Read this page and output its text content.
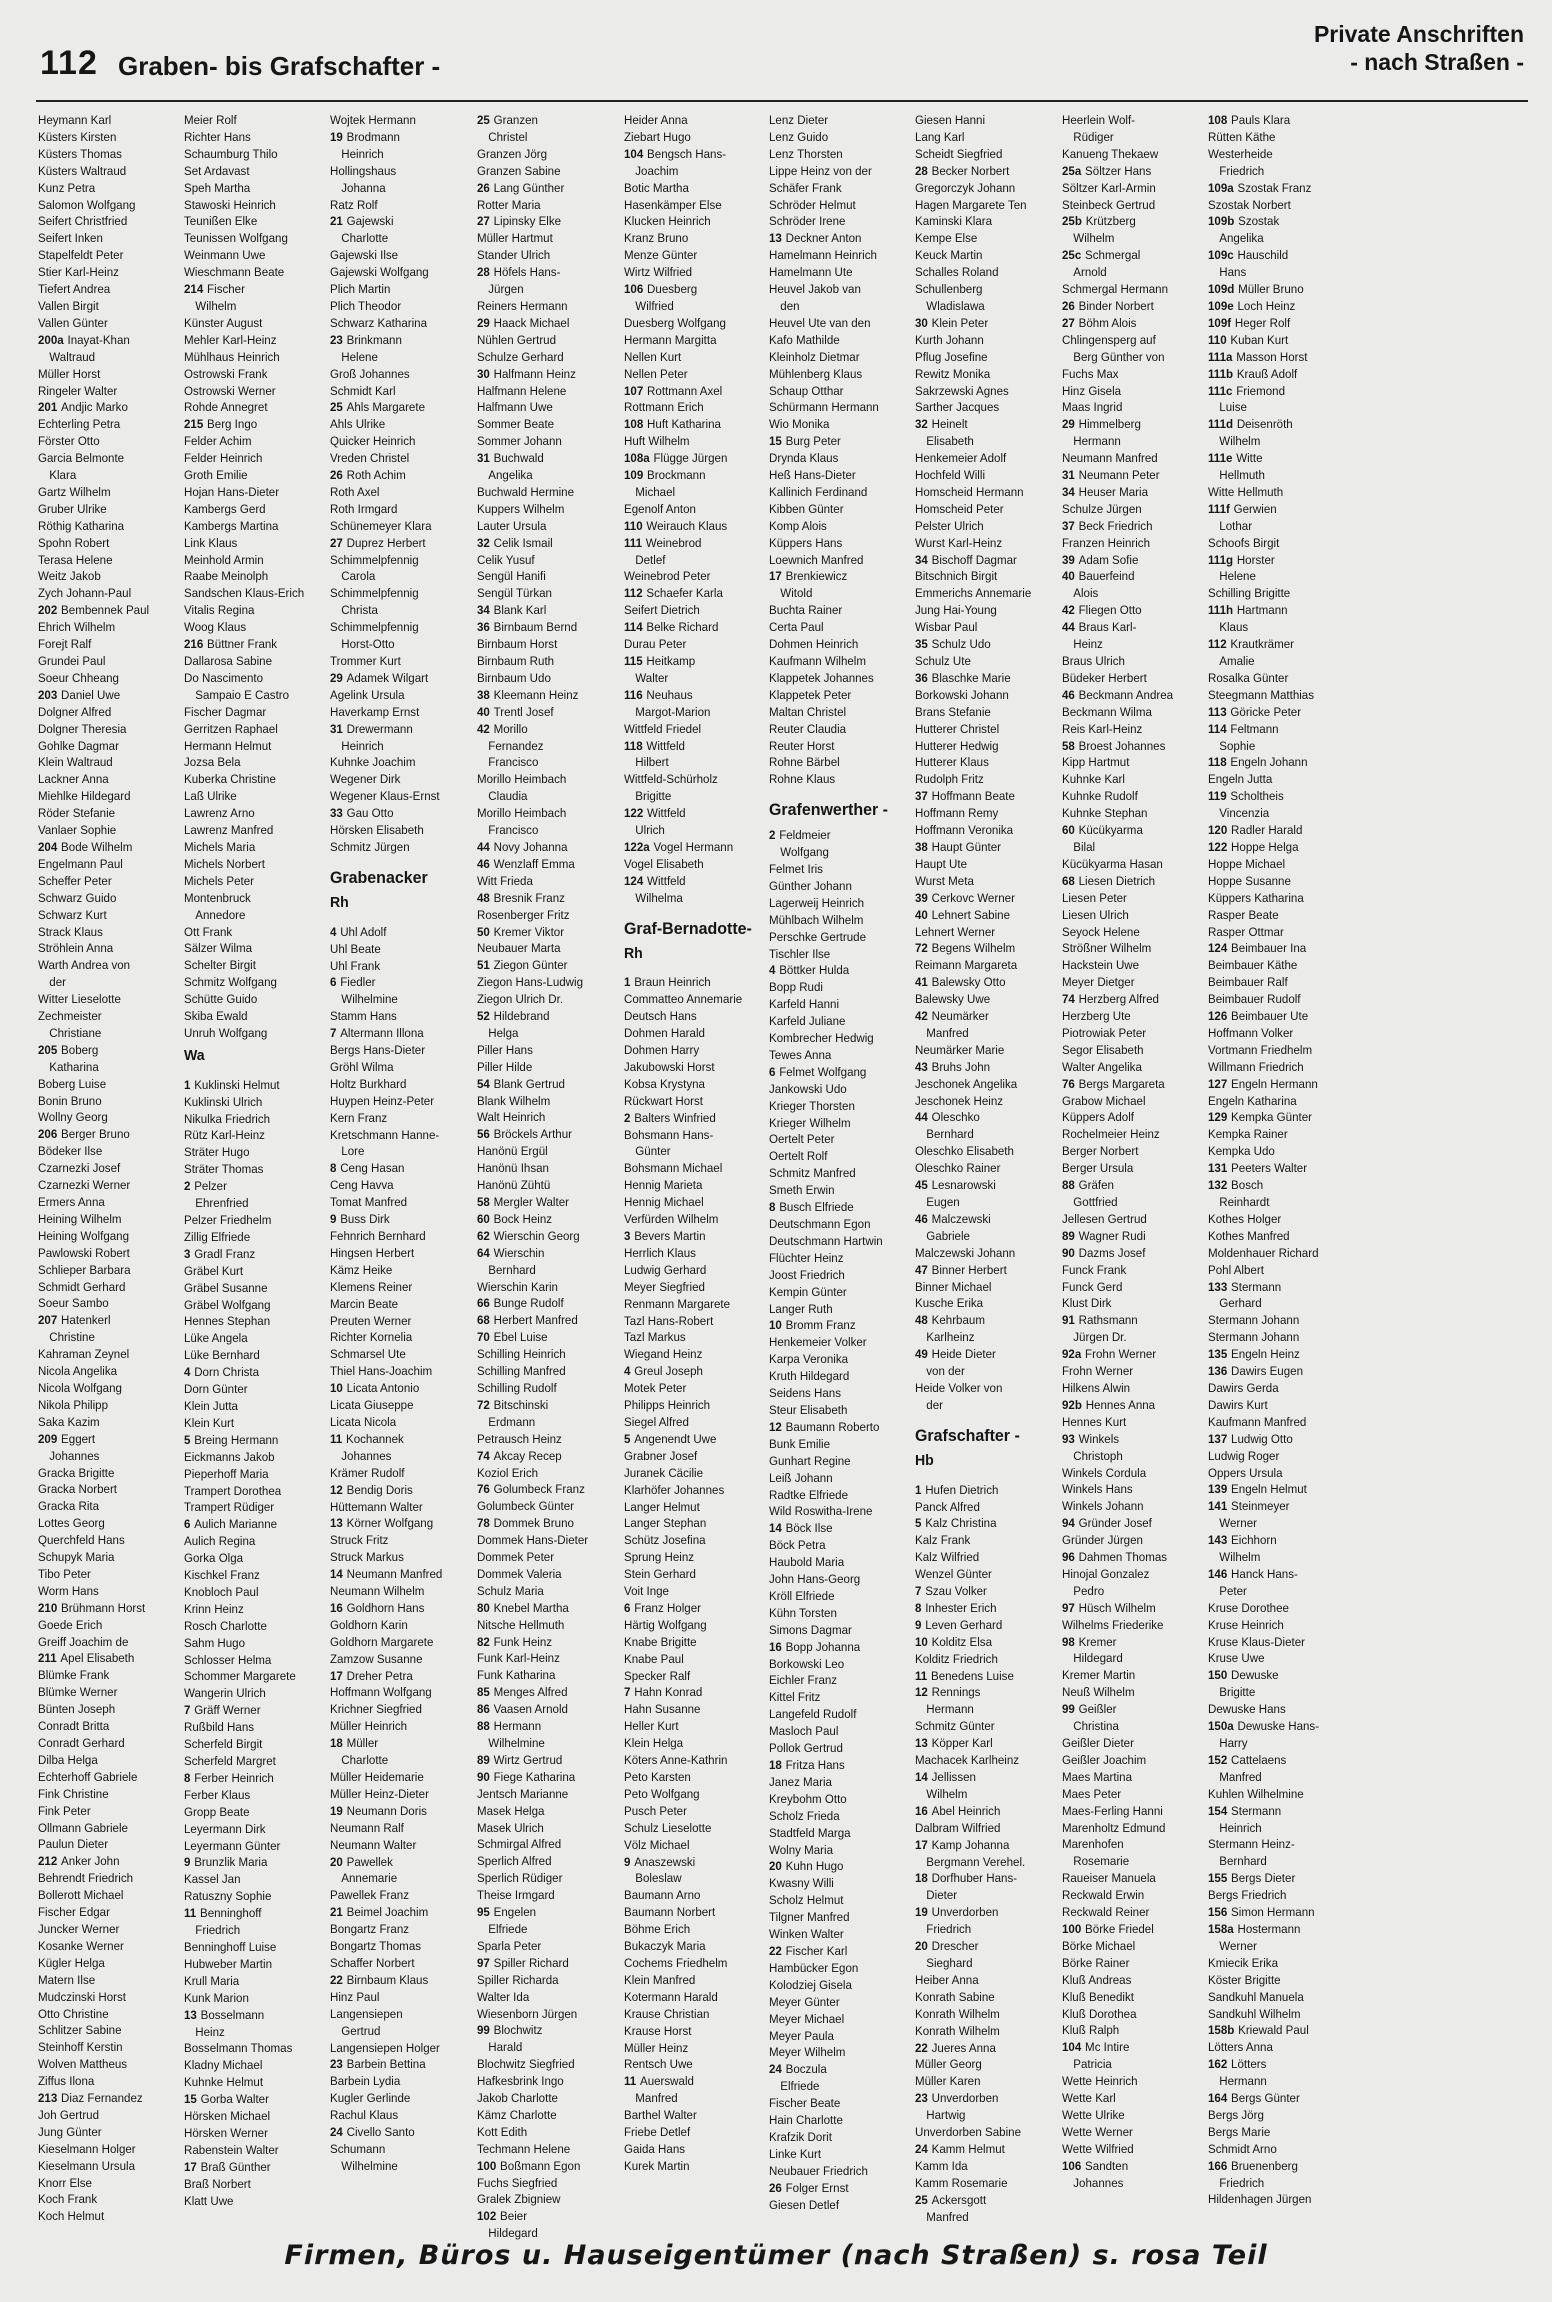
112 Graben- bis Grafschafter -
Private Anschriften
- nach Straßen -
Heymann Karl
Küsters Kirsten
Küsters Thomas
Küsters Waltraud
Kunz Petra
Salomon Wolfgang
Seifert Christfried
Seifert Inken
Stapelfeldt Peter
Stier Karl-Heinz
Tiefert Andrea
Vallen Birgit
Vallen Günter
200a Inayat-Khan
Waltraud
Müller Horst
Ringeler Walter
201 Andjic Marko
Echterling Petra
Förster Otto
Garcia Belmonte
Klara
Gartz Wilhelm
Gruber Ulrike
Röthig Katharina
Spohn Robert
Terasa Helene
Weitz Jakob
Zych Johann-Paul
202 Bembennek Paul
Ehrich Wilhelm
Forejt Ralf
Grundei Paul
Soeur Chheang
203 Daniel Uwe
Dolgner Alfred
Dolgner Theresia
Gohlke Dagmar
Klein Waltraud
Lackner Anna
Miehlke Hildegard
Röder Stefanie
Vanlaer Sophie
204 Bode Wilhelm
Engelmann Paul
Scheffer Peter
Schwarz Guido
Schwarz Kurt
Strack Klaus
Ströhlein Anna
Warth Andrea von
der
Witter Lieselotte
Zechmeister
Christiane
205 Boberg
Katharina
Boberg Luise
Bonin Bruno
Wollny Georg
206 Berger Bruno
Bödeker Ilse
Czarnezki Josef
Czarnezki Werner
Ermers Anna
Heining Wilhelm
Heining Wolfgang
Pawlowski Robert
Schlieper Barbara
Schmidt Gerhard
Soeur Sambo
207 Hatenkerl
Christine
Kahraman Zeynel
Nicola Angelika
Nicola Wolfgang
Nikola Philipp
Saka Kazim
209 Eggert
Johannes
Gracka Brigitte
Gracka Norbert
Gracka Rita
Lottes Georg
Querchfeld Hans
Schupyk Maria
Tibo Peter
Worm Hans
210 Brühmann Horst
Goede Erich
Greiff Joachim de
211 Apel Elisabeth
Blümke Frank
Blümke Werner
Bünten Joseph
Conradt Britta
Conradt Gerhard
Dilba Helga
Echterhoff Gabriele
Fink Christine
Fink Peter
Ollmann Gabriele
Paulun Dieter
212 Anker John
Behrendt Friedrich
Bollerott Michael
Fischer Edgar
Juncker Werner
Kosanke Werner
Kügler Helga
Matern Ilse
Mudczinski Horst
Otto Christine
Schlitzer Sabine
Steinhoff Kerstin
Wolven Mattheus
Ziffus Ilona
213 Diaz Fernandez
Joh Gertrud
Jung Günter
Kieselmann Holger
Kieselmann Ursula
Knorr Else
Koch Frank
Koch Helmut
Meier Rolf
Richter Hans
Schaumburg Thilo
Set Ardavast
Speh Martha
Stawoski Heinrich
Teunißen Elke
Teunissen Wolfgang
Weinmann Uwe
Wieschmann Beate
214 Fischer
Wilhelm
Künster August
Mehler Karl-Heinz
Mühlhaus Heinrich
Ostrowski Frank
Ostrowski Werner
Rohde Annegret
215 Berg Ingo
Felder Achim
Felder Heinrich
Groth Emilie
Hojan Hans-Dieter
Kambergs Gerd
Kambergs Martina
Link Klaus
Meinhold Armin
Raabe Meinolph
Sandschen Klaus-Erich
Vitalis Regina
Woog Klaus
216 Büttner Frank
Dallarosa Sabine
Do Nascimento
Sampaio E Castro
Fischer Dagmar
Gerritzen Raphael
Hermann Helmut
Jozsa Bela
Kuberka Christine
Laß Ulrike
Lawrenz Arno
Lawrenz Manfred
Michels Maria
Michels Norbert
Michels Peter
Montenbruck
Annedore
Ott Frank
Sälzer Wilma
Schelter Birgit
Schmitz Wolfgang
Schütte Guido
Skiba Ewald
Unruh Wolfgang
Wa
1 Kuklinski Helmut
Kuklinski Ulrich
Nikulka Friedrich
Rütz Karl-Heinz
Sträter Hugo
Sträter Thomas
2 Pelzer
Ehrenfried
Pelzer Friedhelm
Zillig Elfriede
3 Gradl Franz
Gräbel Kurt
Gräbel Susanne
Gräbel Wolfgang
Hennes Stephan
Lüke Angela
Lüke Bernhard
4 Dorn Christa
Dorn Günter
Klein Jutta
Klein Kurt
5 Breing Hermann
Eickmanns Jakob
Pieperhoff Maria
Trampert Dorothea
Trampert Rüdiger
6 Aulich Marianne
Aulich Regina
Gorka Olga
Kischkel Franz
Knobloch Paul
Krinn Heinz
Rosch Charlotte
Sahm Hugo
Schlosser Helma
Schommer Margarete
Wangerin Ulrich
7 Gräff Werner
Rußbild Hans
Scherfeld Birgit
Scherfeld Margret
8 Ferber Heinrich
Ferber Klaus
Gropp Beate
Leyermann Dirk
Leyermann Günter
9 Brunzlik Maria
Kassel Jan
Ratuszny Sophie
11 Benninghoff
Friedrich
Benninghoff Luise
Hubweber Martin
Krull Maria
Kunk Marion
13 Bosselmann
Heinz
Bosselmann Thomas
Kladny Michael
Kuhnke Helmut
15 Gorba Walter
Hörsken Michael
Hörsken Werner
Rabenstein Walter
17 Braß Günther
Braß Norbert
Klatt Uwe
Wojtek Hermann
19 Brodmann
Heinrich
Hollingshaus
Johanna
Ratz Rolf
21 Gajewski
Charlotte
Gajewski Ilse
Gajewski Wolfgang
Plich Martin
Plich Theodor
Schwarz Katharina
23 Brinkmann
Helene
Groß Johannes
Schmidt Karl
25 Ahls Margarete
Ahls Ulrike
Quicker Heinrich
Vreden Christel
26 Roth Achim
Roth Axel
Roth Irmgard
Schünemeyer Klara
27 Duprez Herbert
Schimmelpfennig
Carola
Schimmelpfennig
Christa
Schimmelpfennig
Horst-Otto
Trommer Kurt
29 Adamek Wilgart
Agelink Ursula
Haverkamp Ernst
31 Drewermann
Heinrich
Kuhnke Joachim
Wegener Dirk
Wegener Klaus-Ernst
33 Gau Otto
Hörsken Elisabeth
Schmitz Jürgen
Grabenacker
Rh
4 Uhl Adolf
Uhl Beate
Uhl Frank
6 Fiedler
Wilhelmine
Stamm Hans
7 Altermann Illona
Bergs Hans-Dieter
Gröhl Wilma
Holtz Burkhard
Huypen Heinz-Peter
Kern Franz
Kretschmann Hanne-
Lore
8 Ceng Hasan
Ceng Havva
Tomat Manfred
9 Buss Dirk
Fehnrich Bernhard
Hingsen Herbert
Kämz Heike
Klemens Reiner
Marcin Beate
Preuten Werner
Richter Kornelia
Schmarsel Ute
Thiel Hans-Joachim
10 Licata Antonio
Licata Giuseppe
Licata Nicola
11 Kochannek
Johannes
Krämer Rudolf
12 Bendig Doris
Hüttemann Walter
13 Körner Wolfgang
Struck Fritz
Struck Markus
14 Neumann Manfred
Neumann Wilhelm
16 Goldhorn Hans
Goldhorn Karin
Goldhorn Margarete
Zamzow Susanne
17 Dreher Petra
Hoffmann Wolfgang
Krichner Siegfried
Müller Heinrich
18 Müller
Charlotte
Müller Heidemarie
Müller Heinz-Dieter
19 Neumann Doris
Neumann Ralf
Neumann Walter
20 Pawellek
Annemarie
Pawellek Franz
21 Beimel Joachim
Bongartz Franz
Bongartz Thomas
Schaffer Norbert
22 Birnbaum Klaus
Hinz Paul
Langensiepen
Gertrud
Langensiepen Holger
23 Barbein Bettina
Barbein Lydia
Kugler Gerlinde
Rachul Klaus
24 Civello Santo
Schumann
Wilhelmine
25 Granzen
Christel
Granzen Jörg
Granzen Sabine
26 Lang Günther
Rotter Maria
27 Lipinsky Elke
Müller Hartmut
Stander Ulrich
28 Höfels Hans-
Jürgen
Reiners Hermann
29 Haack Michael
Nühlen Gertrud
Schulze Gerhard
30 Halfmann Heinz
Halfmann Helene
Halfmann Uwe
Sommer Beate
Sommer Johann
31 Buchwald
Angelika
Buchwald Hermine
Kuppers Wilhelm
Lauter Ursula
32 Celik Ismail
Celik Yusuf
Sengül Hanifi
Sengül Türkan
34 Blank Karl
36 Birnbaum Bernd
Birnbaum Horst
Birnbaum Ruth
Birnbaum Udo
38 Kleemann Heinz
40 Trentl Josef
42 Morillo
Fernandez
Francisco
Morillo Heimbach
Claudia
Morillo Heimbach
Francisco
44 Novy Johanna
46 Wenzlaff Emma
Witt Frieda
48 Bresnik Franz
Rosenberger Fritz
50 Kremer Viktor
Neubauer Marta
51 Ziegon Günter
Ziegon Hans-Ludwig
Ziegon Ulrich Dr.
52 Hildebrand
Helga
Piller Hans
Piller Hilde
54 Blank Gertrud
Blank Wilhelm
Walt Heinrich
56 Bröckels Arthur
Hanönü Ergül
Hanönü Ihsan
Hanönü Zühtü
58 Mergler Walter
60 Bock Heinz
62 Wierschin Georg
64 Wierschin
Bernhard
Wierschin Karin
66 Bunge Rudolf
68 Herbert Manfred
70 Ebel Luise
Schilling Heinrich
Schilling Manfred
Schilling Rudolf
72 Bitschinski
Erdmann
Petrausch Heinz
74 Akcay Recep
Koziol Erich
76 Golumbeck Franz
Golumbeck Günter
78 Dommek Bruno
Dommek Hans-Dieter
Dommek Peter
Dommek Valeria
Schulz Maria
80 Knebel Martha
Nitsche Hellmuth
82 Funk Heinz
Funk Karl-Heinz
Funk Katharina
85 Menges Alfred
86 Vaasen Arnold
88 Hermann
Wilhelmine
89 Wirtz Gertrud
90 Fiege Katharina
Jentsch Marianne
Masek Helga
Masek Ulrich
Schmirgal Alfred
Sperlich Alfred
Sperlich Rüdiger
Theise Irmgard
95 Engelen
Elfriede
Sparla Peter
97 Spiller Richard
Spiller Richarda
Walter Ida
Wiesenborn Jürgen
99 Blochwitz
Harald
Blochwitz Siegfried
Hafkesbrink Ingo
Jakob Charlotte
Kämz Charlotte
Kott Edith
Techmann Helene
100 Boßmann Egon
Fuchs Siegfried
Gralek Zbigniew
102 Beier
Hildegard
Heider Anna
Ziebart Hugo
104 Bengsch Hans-
Joachim
Botic Martha
Hasenkämper Else
Klucken Heinrich
Kranz Bruno
Menze Günter
Wirtz Wilfried
106 Duesberg
Wilfried
Duesberg Wolfgang
Hermann Margitta
Nellen Kurt
Nellen Peter
107 Rottmann Axel
Rottmann Erich
108 Huft Katharina
Huft Wilhelm
108a Flügge Jürgen
109 Brockmann
Michael
Egenolf Anton
110 Weirauch Klaus
111 Weinebrod
Detlef
Weinebrod Peter
112 Schaefer Karla
Seifert Dietrich
114 Belke Richard
Durau Peter
115 Heitkamp
Walter
116 Neuhaus
Margot-Marion
Wittfeld Friedel
118 Wittfeld
Hilbert
Wittfeld-Schürholz
Brigitte
122 Wittfeld
Ulrich
122a Vogel Hermann
Vogel Elisabeth
124 Wittfeld
Wilhelma
Graf-Bernadotte-
Rh
1 Braun Heinrich
Commatteo Annemarie
Deutsch Hans
Dohmen Harald
Dohmen Harry
Jakubowski Horst
Kobsa Krystyna
Rückwart Horst
2 Balters Winfried
Bohsmann Hans-
Günter
Bohsmann Michael
Hennig Marieta
Hennig Michael
Verfürden Wilhelm
3 Bevers Martin
Herrlich Klaus
Ludwig Gerhard
Meyer Siegfried
Renmann Margarete
Tazl Hans-Robert
Tazl Markus
Wiegand Heinz
4 Greul Joseph
Motek Peter
Philipps Heinrich
Siegel Alfred
5 Angenendt Uwe
Grabner Josef
Juranek Cäcilie
Klarhöfer Johannes
Langer Helmut
Langer Stephan
Schütz Josefina
Sprung Heinz
Stein Gerhard
Voit Inge
6 Franz Holger
Härtig Wolfgang
Knabe Brigitte
Knabe Paul
Specker Ralf
7 Hahn Konrad
Hahn Susanne
Heller Kurt
Klein Helga
Köters Anne-Kathrin
Peto Karsten
Peto Wolfgang
Pusch Peter
Schulz Lieselotte
Völz Michael
9 Anaszewski
Boleslaw
Baumann Arno
Baumann Norbert
Böhme Erich
Bukaczyk Maria
Cochems Friedhelm
Klein Manfred
Kotermann Harald
Krause Christian
Krause Horst
Müller Heinz
Rentsch Uwe
11 Auerswald
Manfred
Barthel Walter
Friebe Detlef
Gaida Hans
Kurek Martin
Lenz Dieter
Lenz Guido
Lenz Thorsten
Lippe Heinz von der
Schäfer Frank
Schröder Helmut
Schröder Irene
13 Deckner Anton
Hamelmann Heinrich
Hamelmann Ute
Heuvel Jakob van
den
Heuvel Ute van den
Kafo Mathilde
Kleinholz Dietmar
Mühlenberg Klaus
Schaup Otthar
Schürmann Hermann
Wio Monika
15 Burg Peter
Dryndа Klaus
Heß Hans-Dieter
Kallinich Ferdinand
Kibben Günter
Komp Alois
Küppers Hans
Loewnich Manfred
17 Brenkiewicz
Witold
Buchta Rainer
Certa Paul
Dohmen Heinrich
Kaufmann Wilhelm
Klappetek Johannes
Klappetek Peter
Maltan Christel
Reuter Claudia
Reuter Horst
Rohne Bärbel
Rohne Klaus
Grafenwerther -
2 Feldmeier
Wolfgang
Felmet Iris
Günther Johann
Lagerweij Heinrich
Mühlbach Wilhelm
Perschke Gertrude
Tischler Ilse
4 Böttker Hulda
Bopp Rudi
Karfeld Hanni
Karfeld Juliane
Kombrecher Hedwig
Tewes Anna
6 Felmet Wolfgang
Jankowski Udo
Krieger Thorsten
Krieger Wilhelm
Oertelt Peter
Oertelt Rolf
Schmitz Manfred
Smeth Erwin
8 Busch Elfriede
Deutschmann Egon
Deutschmann Hartwin
Flüchter Heinz
Joost Friedrich
Kempin Günter
Langer Ruth
10 Bromm Franz
Henkemeier Volker
Karpa Veronika
Kruth Hildegard
Seidens Hans
Steur Elisabeth
12 Baumann Roberto
Bunk Emilie
Gunhart Regine
Leiß Johann
Radtke Elfriede
Wild Roswitha-Irene
14 Böck Ilse
Böck Petra
Haubold Maria
John Hans-Georg
Kröll Elfriede
Kühn Torsten
Simons Dagmar
16 Bopp Johanna
Borkowski Leo
Eichler Franz
Kittel Fritz
Langefeld Rudolf
Masloch Paul
Pollok Gertrud
18 Fritza Hans
Janez Maria
Kreybohm Otto
Scholz Frieda
Stadtfeld Marga
Wolny Maria
20 Kuhn Hugo
Kwasny Willi
Scholz Helmut
Tilgner Manfred
Winken Walter
22 Fischer Karl
Hambücker Egon
Kolodziej Gisela
Meyer Günter
Meyer Michael
Meyer Paula
Meyer Wilhelm
24 Boczula
Elfriede
Fischer Beate
Hain Charlotte
Krafzik Dorit
Linke Kurt
Neubauer Friedrich
26 Folger Ernst
Giesen Detlef
Giesen Hanni
Lang Karl
Scheidt Siegfried
28 Becker Norbert
Gregorczyk Johann
Hagen Margarete Ten
Kaminski Klara
Kempe Else
Keuck Martin
Schalles Roland
Schullenberg
Wladislawa
30 Klein Peter
Kurth Johann
Pflug Josefine
Rewitz Monika
Sakrzewski Agnes
Sarther Jacques
32 Heinelt
Elisabeth
Henkemeier Adolf
Hochfeld Willi
Homscheid Hermann
Homscheid Peter
Pelster Ulrich
Wurst Karl-Heinz
34 Bischoff Dagmar
Bitschnich Birgit
Emmerichs Annemarie
Jung Hai-Young
Wisbar Paul
35 Schulz Udo
Schulz Ute
36 Blaschke Marie
Borkowski Johann
Brans Stefanie
Hutterer Christel
Hutterer Hedwig
Hutterer Klaus
Rudolph Fritz
37 Hoffmann Beate
Hoffmann Remy
Hoffmann Veronika
38 Haupt Günter
Haupt Ute
Wurst Meta
39 Cerkovc Werner
40 Lehnert Sabine
Lehnert Werner
72 Begens Wilhelm
Reimann Margareta
41 Balewsky Otto
Balewsky Uwe
42 Neumärker
Manfred
Neumärker Marie
43 Bruhs John
Jeschonek Angelika
Jeschonek Heinz
44 Oleschko
Bernhard
Oleschko Elisabeth
Oleschko Rainer
45 Lesnarowski
Eugen
46 Malczewski
Gabriele
Malczewski Johann
47 Binner Herbert
Binner Michael
Kusche Erika
48 Kehrbaum
Karlheinz
49 Heide Dieter
von der
Heide Volker von
der
Grafschafter -
Hb
1 Hufen Dietrich
Panck Alfred
5 Kalz Christina
Kalz Frank
Kalz Wilfried
Wenzel Günter
7 Szau Volker
8 Inhester Erich
9 Leven Gerhard
10 Kolditz Elsa
Kolditz Friedrich
11 Benedens Luise
12 Rennings
Hermann
Schmitz Günter
13 Köpper Karl
Machacek Karlheinz
14 Jellissen
Wilhelm
16 Abel Heinrich
Dalbram Wilfried
17 Kamp Johanna
Bergmann Verehel.
18 Dorfhuber Hans-
Dieter
19 Unverdorben
Friedrich
20 Drescher
Sieghard
Heiber Anna
Konrath Sabine
Konrath Wilhelm
Konrath Wilhelm
22 Jueres Anna
Müller Georg
Müller Karen
23 Unverdorben
Hartwig
Unverdorben Sabine
24 Kamm Helmut
Kamm Ida
Kamm Rosemarie
25 Ackersgott
Manfred
Heerlein Wolf-
Rüdiger
Kanueng Thekaew
25a Söltzer Hans
Söltzer Karl-Armin
Steinbeck Gertrud
25b Krützberg
Wilhelm
25c Schmergal
Arnold
Schmergal Hermann
26 Binder Norbert
27 Böhm Alois
Chlingensperg auf
Berg Günther von
Fuchs Max
Hinz Gisela
Maas Ingrid
29 Himmelberg
Hermann
Neumann Manfred
31 Neumann Peter
34 Heuser Maria
Schulze Jürgen
37 Beck Friedrich
Franzen Heinrich
39 Adam Sofie
40 Bauerfeind
Alois
42 Fliegen Otto
44 Braus Karl-
Heinz
Braus Ulrich
Büdeker Herbert
46 Beckmann Andrea
Beckmann Wilma
Reis Karl-Heinz
58 Broest Johannes
Kipp Hartmut
Kuhnke Karl
Kuhnke Rudolf
Kuhnke Stephan
60 Kücükyarma
Bilal
Kücükyarma Hasan
68 Liesen Dietrich
Liesen Peter
Liesen Ulrich
Seyock Helene
Strößner Wilhelm
Hackstein Uwe
Meyer Dietger
74 Herzberg Alfred
Herzberg Ute
Piotrowiak Peter
Segor Elisabeth
Walter Angelika
76 Bergs Margareta
Grabow Michael
Küppers Adolf
Rochelmeier Heinz
Berger Norbert
Berger Ursula
88 Gräfen
Gottfried
Jellesen Gertrud
89 Wagner Rudi
90 Dazms Josef
Funck Frank
Funck Gerd
Klust Dirk
91 Rathsmann
Jürgen Dr.
92a Frohn Werner
Frohn Werner
Hilkens Alwin
92b Hennes Anna
Hennes Kurt
93 Winkels
Christoph
Winkels Cordula
Winkels Hans
Winkels Johann
94 Gründer Josef
Gründer Jürgen
96 Dahmen Thomas
Hinojal Gonzalez
Pedro
97 Hüsch Wilhelm
Wilhelms Friederike
98 Kremer
Hildegard
Kremer Martin
Neuß Wilhelm
99 Geißler
Christina
Geißler Dieter
Geißler Joachim
Maes Martina
Maes Peter
Maes-Ferling Hanni
Marenholtz Edmund
Marenhofen
Rosemarie
Raueiser Manuela
Reckwald Erwin
Reckwald Reiner
100 Börke Friedel
Börke Michael
Börke Rainer
Kluß Andreas
Kluß Benedikt
Kluß Dorothea
Kluß Ralph
104 Mc Intire
Patricia
Wette Heinrich
Wette Karl
Wette Ulrike
Wette Werner
Wette Wilfried
106 Sandten
Johannes
108 Pauls Klara
Rütten Käthe
Westerheide
Friedrich
109a Szostak Franz
Szostak Norbert
109b Szostak
Angelika
109c Hauschild
Hans
109d Müller Bruno
109e Loch Heinz
109f Heger Rolf
110 Kuban Kurt
111a Masson Horst
111b Krauß Adolf
111c Friemond
Luise
111d Deisenröth
Wilhelm
111e Witte
Hellmuth
Witte Hellmuth
111f Gerwien
Lothar
Schoofs Birgit
111g Horster
Helene
Schilling Brigitte
111h Hartmann
Klaus
112 Krautkrämer
Amalie
Rosalka Günter
Steegmann Matthias
113 Göricke Peter
114 Feltmann
Sophie
118 Engeln Johann
Engeln Jutta
119 Scholtheis
Vincenzia
120 Radler Harald
122 Hoppe Helga
Hoppe Michael
Hoppe Susanne
Küppers Katharina
Rasper Beate
Rasper Ottmar
124 Beimbauer Ina
Beimbauer Käthe
Beimbauer Ralf
Beimbauer Rudolf
126 Beimbauer Ute
Hoffmann Volker
Vortmann Friedhelm
Willmann Friedrich
127 Engeln Hermann
Engeln Katharina
129 Kempka Günter
Kempka Rainer
Kempka Udo
131 Peeters Walter
132 Bosch
Reinhardt
Kothes Holger
Kothes Manfred
Moldenhauer Richard
Pohl Albert
133 Stermann
Gerhard
Stermann Johann
Stermann Johann
135 Engeln Heinz
136 Dawirs Eugen
Dawirs Gerda
Dawirs Kurt
Kaufmann Manfred
137 Ludwig Otto
Ludwig Roger
Oppers Ursula
139 Engeln Helmut
141 Steinmeyer
Werner
143 Eichhorn
Wilhelm
146 Hanck Hans-
Peter
Kruse Dorothee
Kruse Heinrich
Kruse Klaus-Dieter
Kruse Uwe
150 Dewuske
Brigitte
Dewuske Hans
150a Dewuske Hans-
Harry
152 Cattelaens
Manfred
Kuhlen Wilhelmine
154 Stermann
Heinrich
Stermann Heinz-
Bernhard
155 Bergs Dieter
Bergs Friedrich
156 Simon Hermann
158a Hostermann
Werner
Kmiecik Erika
Köster Brigitte
Sandkuhl Manuela
Sandkuhl Wilhelm
158b Kriewald Paul
Lötters Anna
162 Lötters
Hermann
164 Bergs Günter
Bergs Jörg
Bergs Marie
Schmidt Arno
166 Bruenenberg
Friedrich
Hildenhagen Jürgen
Firmen, Büros u. Hauseigentümer (nach Straßen) s. rosa Teil
